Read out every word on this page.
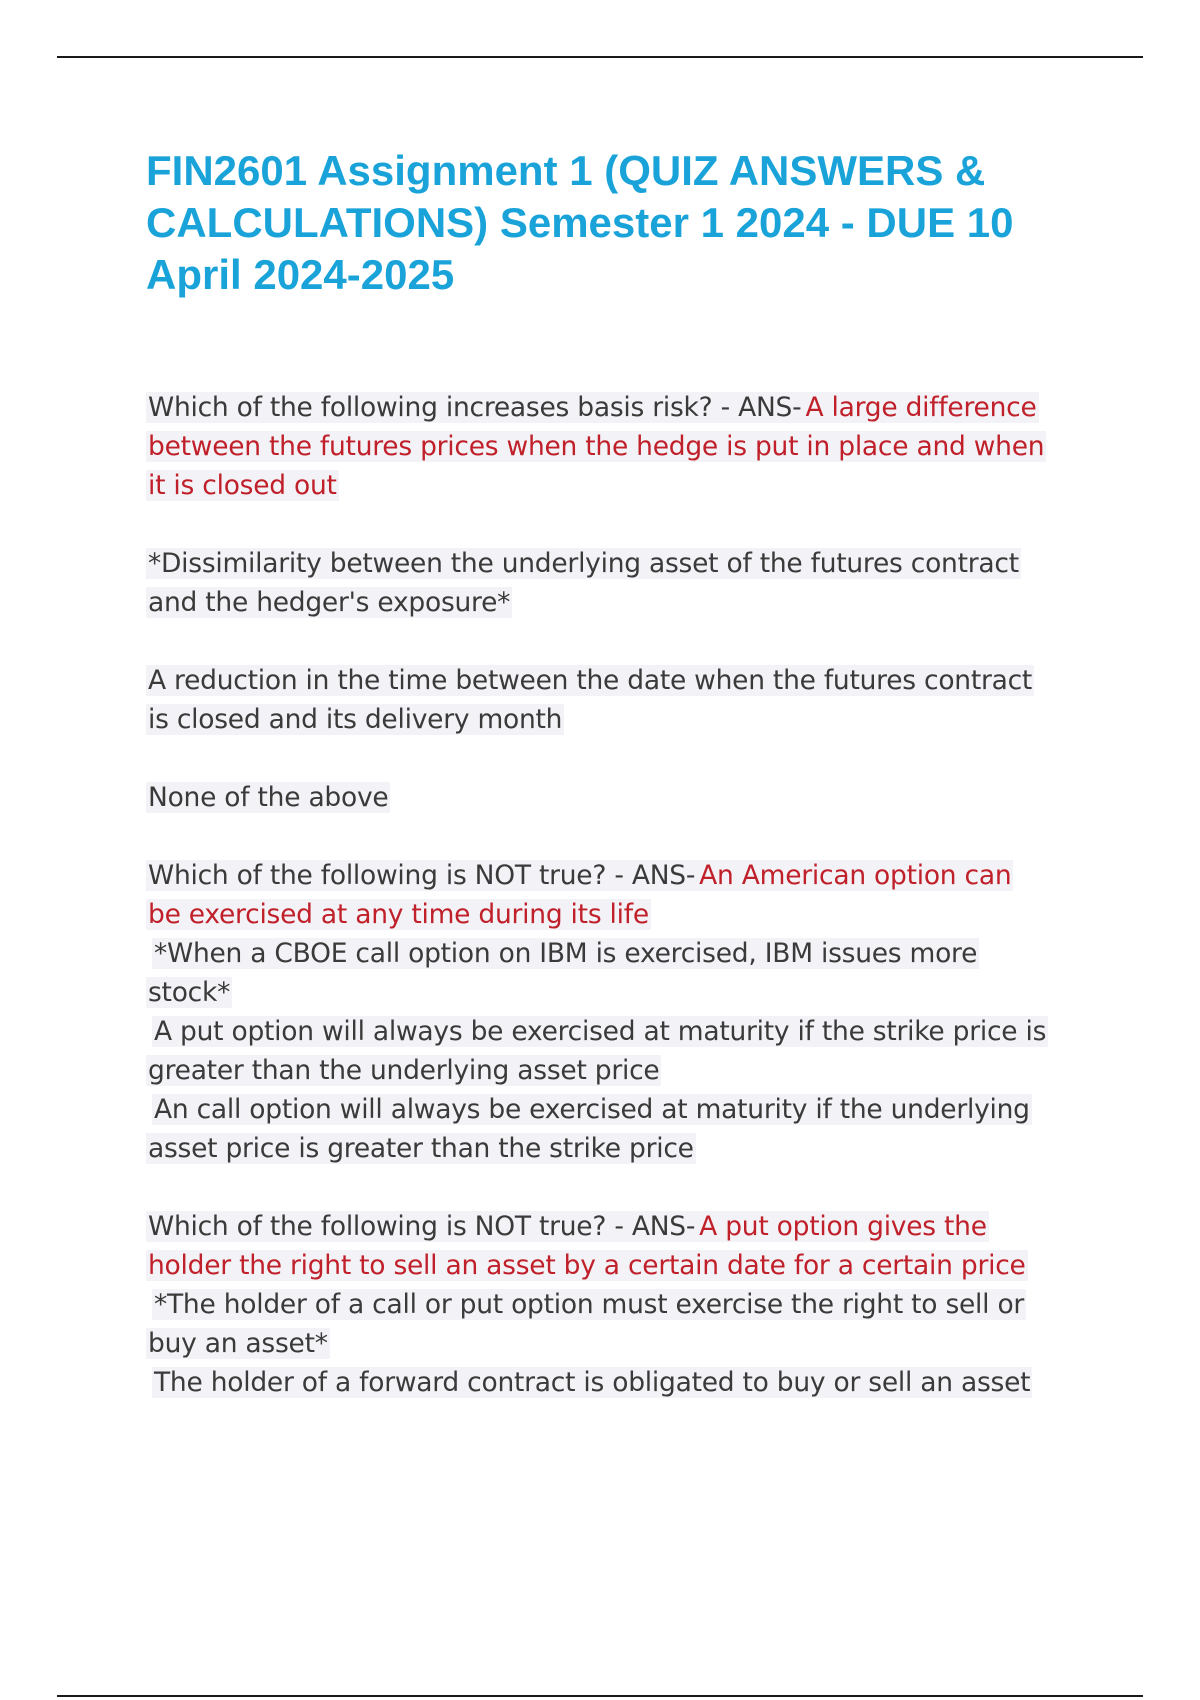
FIN2601 Assignment 1 (QUIZ ANSWERS &
CALCULATIONS) Semester 1 2024 - DUE 10
April 2024-2025
Which of the following increases basis risk? - ANS- A large difference
between the futures prices when the hedge is put in place and when
it is closed out
*Dissimilarity between the underlying asset of the futures contract
and the hedger's exposure*
A reduction in the time between the date when the futures contract
is closed and its delivery month
None of the above
Which of the following is NOT true? - ANS- An American option can
be exercised at any time during its life
*When a CBOE call option on IBM is exercised, IBM issues more
stock*
A put option will always be exercised at maturity if the strike price is
greater than the underlying asset price
An call option will always be exercised at maturity if the underlying
asset price is greater than the strike price
Which of the following is NOT true? - ANS- A put option gives the
holder the right to sell an asset by a certain date for a certain price
*The holder of a call or put option must exercise the right to sell or
buy an asset*
The holder of a forward contract is obligated to buy or sell an asset
